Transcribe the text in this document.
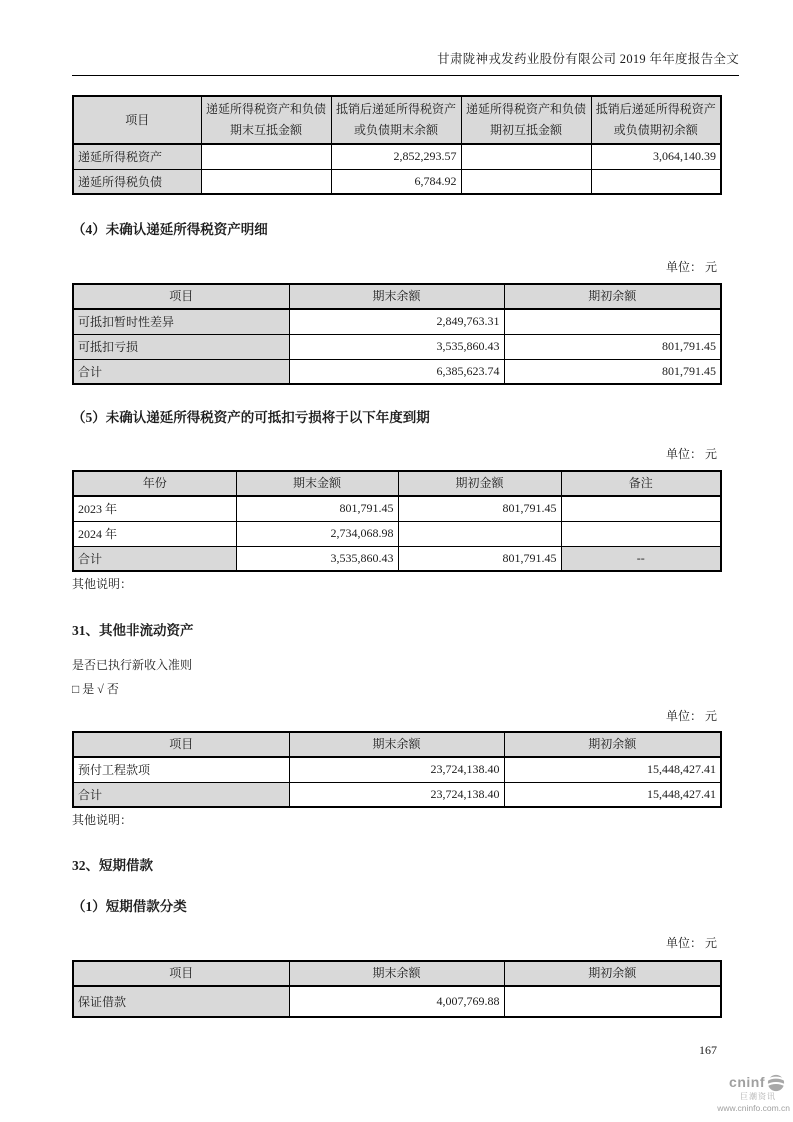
甘肃陇神戎发药业股份有限公司 2019 年年度报告全文
项目	递延所得税资产和负债期末互抵金额	抵销后递延所得税资产或负债期末余额	递延所得税资产和负债期初互抵金额	抵销后递延所得税资产或负债期初余额
递延所得税资产		2,852,293.57		3,064,140.39
递延所得税负债		6,784.92		
（4）未确认递延所得税资产明细
单位： 元
项目	期末余额	期初余额
可抵扣暂时性差异	2,849,763.31	
可抵扣亏损	3,535,860.43	801,791.45
合计	6,385,623.74	801,791.45
（5）未确认递延所得税资产的可抵扣亏损将于以下年度到期
单位： 元
年份	期末金额	期初金额	备注
2023 年	801,791.45	801,791.45	
2024 年	2,734,068.98		
合计	3,535,860.43	801,791.45	--
其他说明：
31、其他非流动资产
是否已执行新收入准则
□ 是 √ 否
单位： 元
项目	期末余额	期初余额
预付工程款项	23,724,138.40	15,448,427.41
合计	23,724,138.40	15,448,427.41
其他说明：
32、短期借款
（1）短期借款分类
单位： 元
项目	期末余额	期初余额
保证借款	4,007,769.88	
167
cninf
巨潮资讯
www.cninfo.com.cn
